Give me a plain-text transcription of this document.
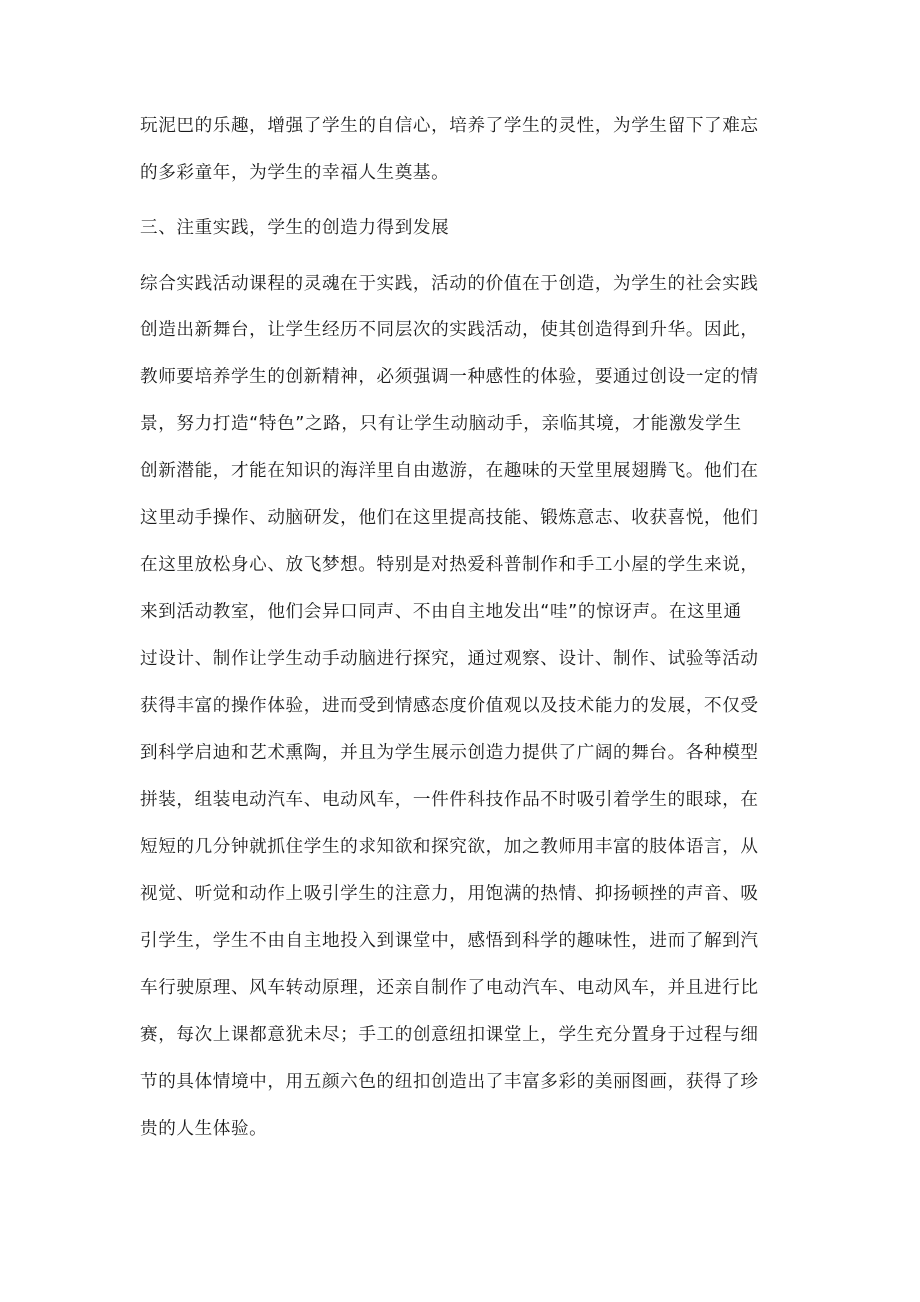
玩泥巴的乐趣，增强了学生的自信心，培养了学生的灵性，为学生留下了难忘
的多彩童年，为学生的幸福人生奠基。
三、注重实践，学生的创造力得到发展
综合实践活动课程的灵魂在于实践，活动的价值在于创造，为学生的社会实践
创造出新舞台，让学生经历不同层次的实践活动，使其创造得到升华。因此，
教师要培养学生的创新精神，必须强调一种感性的体验，要通过创设一定的情
景，努力打造“特色”之路，只有让学生动脑动手，亲临其境，才能激发学生
创新潜能，才能在知识的海洋里自由遨游，在趣味的天堂里展翅腾飞。他们在
这里动手操作、动脑研发，他们在这里提高技能、锻炼意志、收获喜悦，他们
在这里放松身心、放飞梦想。特别是对热爱科普制作和手工小屋的学生来说，
来到活动教室，他们会异口同声、不由自主地发出“哇”的惊讶声。在这里通
过设计、制作让学生动手动脑进行探究，通过观察、设计、制作、试验等活动
获得丰富的操作体验，进而受到情感态度价值观以及技术能力的发展，不仅受
到科学启迪和艺术熏陶，并且为学生展示创造力提供了广阔的舞台。各种模型
拼装，组装电动汽车、电动风车，一件件科技作品不时吸引着学生的眼球，在
短短的几分钟就抓住学生的求知欲和探究欲，加之教师用丰富的肢体语言，从
视觉、听觉和动作上吸引学生的注意力，用饱满的热情、抑扬顿挫的声音、吸
引学生，学生不由自主地投入到课堂中，感悟到科学的趣味性，进而了解到汽
车行驶原理、风车转动原理，还亲自制作了电动汽车、电动风车，并且进行比
赛，每次上课都意犹未尽；手工的创意纽扣课堂上，学生充分置身于过程与细
节的具体情境中，用五颜六色的纽扣创造出了丰富多彩的美丽图画，获得了珍
贵的人生体验。
